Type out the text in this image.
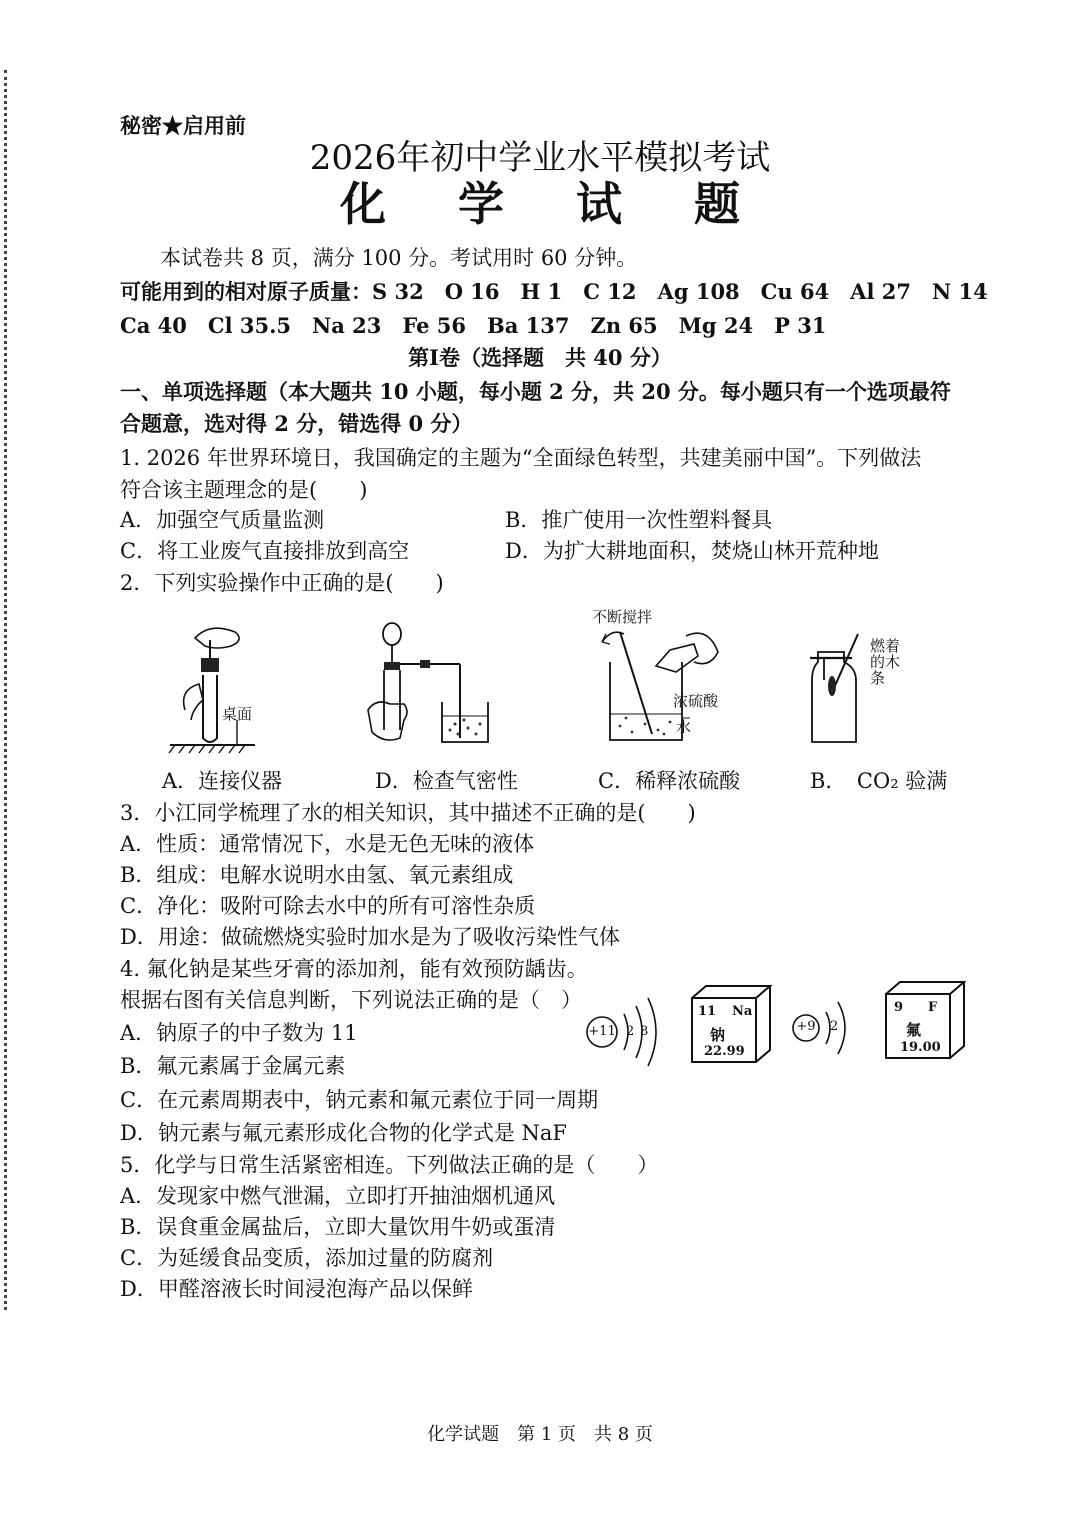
秘密★启用前
2026年初中学业水平模拟考试
化 学 试 题
本试卷共 8 页，满分 100 分。考试用时 60 分钟。
可能用到的相对原子质量：S 32　O 16　H 1　C 12　Ag 108　Cu 64　Al 27　N 14
Ca 40　Cl 35.5　Na 23　Fe 56　Ba 137　Zn 65　Mg 24　P 31
第Ⅰ卷（选择题　共 40 分）
一、单项选择题（本大题共 10 小题，每小题 2 分，共 20 分。每小题只有一个选项最符
合题意，选对得 2 分，错选得 0 分）
1. 2026 年世界环境日，我国确定的主题为“全面绿色转型，共建美丽中国”。下列做法
符合该主题理念的是(　　)
A．加强空气质量监测	B．推广使用一次性塑料餐具
C．将工业废气直接排放到高空	D．为扩大耕地面积，焚烧山林开荒种地
2．下列实验操作中正确的是(　　)
桌面
不断搅拌
浓硫酸
水
燃着
的木
条
A．连接仪器	D．检查气密性	C．稀释浓硫酸	B．　CO₂ 验满
3．小江同学梳理了水的相关知识，其中描述不正确的是(　　)
A．性质：通常情况下，水是无色无味的液体
B．组成：电解水说明水由氢、氧元素组成
C．净化：吸附可除去水中的所有可溶性杂质
D．用途：做硫燃烧实验时加水是为了吸收污染性气体
4. 氟化钠是某些牙膏的添加剂，能有效预防龋齿。
根据右图有关信息判断，下列说法正确的是（　）
A．钠原子的中子数为 11
B．氟元素属于金属元素
C．在元素周期表中，钠元素和氟元素位于同一周期
D．钠元素与氟元素形成化合物的化学式是 NaF
+11 2 8
11 Na
钠
22.99
+9 2
9 F
氟
19.00
5．化学与日常生活紧密相连。下列做法正确的是（　　）
A．发现家中燃气泄漏，立即打开抽油烟机通风
B．误食重金属盐后，立即大量饮用牛奶或蛋清
C．为延缓食品变质，添加过量的防腐剂
D．甲醛溶液长时间浸泡海产品以保鲜
化学试题　第 1 页　共 8 页
